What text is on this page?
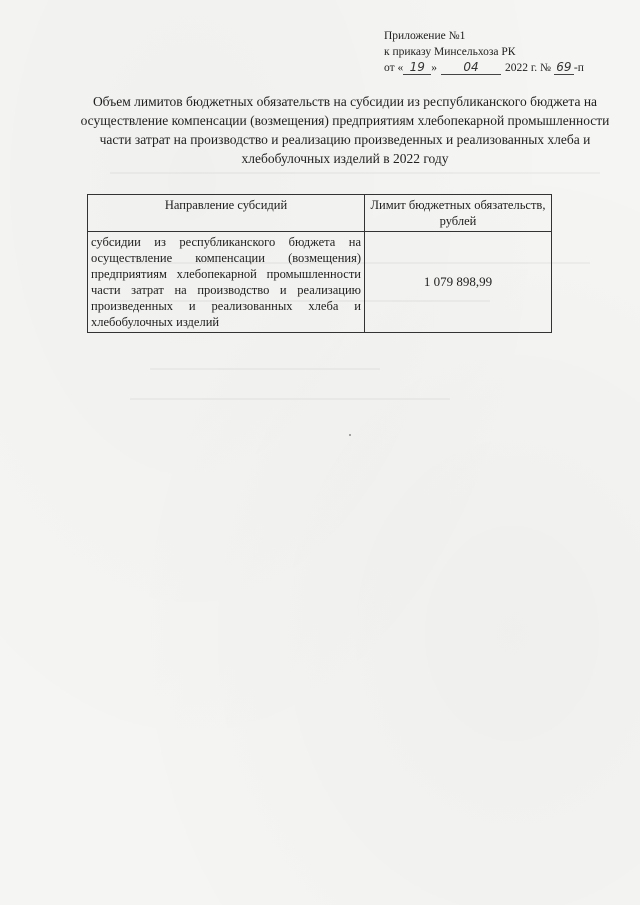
Приложение №1
к приказу Минсельхоза РК
от « 19 » 04 2022 г. № 69 -п
Объем лимитов бюджетных обязательств на субсидии из республиканского бюджета на осуществление компенсации (возмещения) предприятиям хлебопекарной промышленности части затрат на производство и реализацию произведенных и реализованных хлеба и хлебобулочных изделий в 2022 году
Направление субсидий	Лимит бюджетных обязательств, рублей
субсидии из республиканского бюджета на осуществление компенсации (возмещения) предприятиям хлебопекарной промышленности части затрат на производство и реализацию произведенных и реализованных хлеба и хлебобулочных изделий	1 079 898,99
